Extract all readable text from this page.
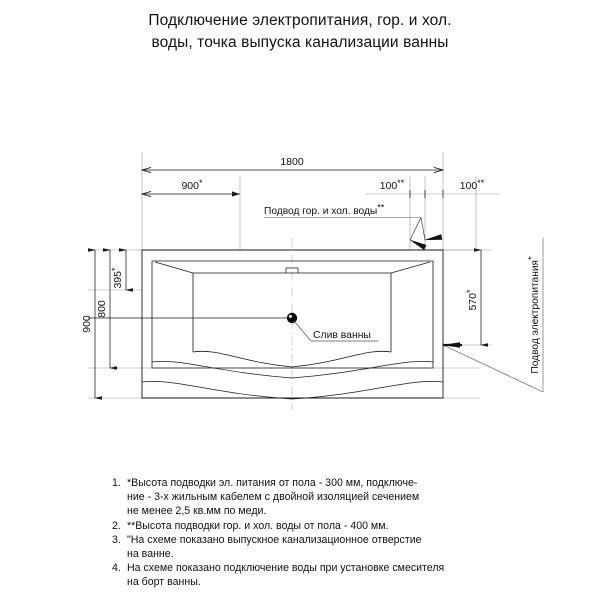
Подключение электропитания, гор. и хол.
воды, точка выпуска канализации ванны
1800
900*	100**	100**
Подвод гор. и хол. воды**
900
800
395*
570*	Подвод электропитания*
Слив ванны
1. *Высота подводки эл. питания от пола - 300 мм, подключе-
ние - 3-х жильным кабелем с двойной изоляцией сечением
не менее 2,5 кв.мм по меди.
2. **Высота подводки гор. и хол. воды от пола - 400 мм.
3. "На схеме показано выпускное канализационное отверстие
на ванне.
4. На схеме показано подключение воды при установке смесителя
на борт ванны.
